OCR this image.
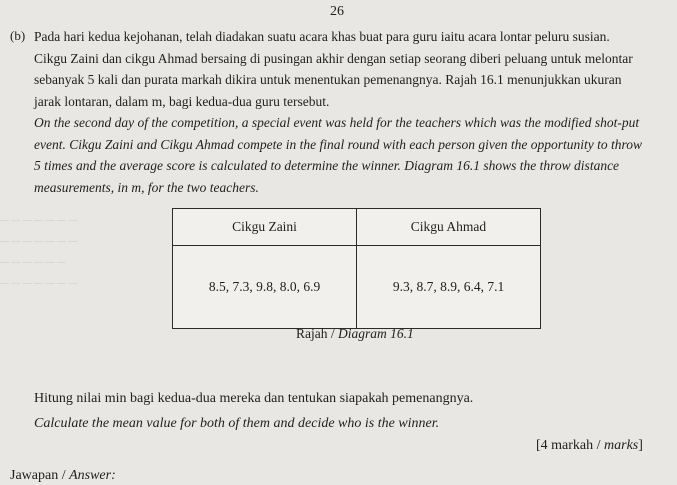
26
(b) Pada hari kedua kejohanan, telah diadakan suatu acara khas buat para guru iaitu acara lontar peluru susian. Cikgu Zaini dan cikgu Ahmad bersaing di pusingan akhir dengan setiap seorang diberi peluang untuk melontar sebanyak 5 kali dan purata markah dikira untuk menentukan pemenangnya. Rajah 16.1 menunjukkan ukuran jarak lontaran, dalam m, bagi kedua-dua guru tersebut.
On the second day of the competition, a special event was held for the teachers which was the modified shot-put event. Cikgu Zaini and Cikgu Ahmad compete in the final round with each person given the opportunity to throw 5 times and the average score is calculated to determine the winner. Diagram 16.1 shows the throw distance measurements, in m, for the two teachers.
— — — — — — —
— — — — — — —
— — — — — —
— — — — — — —
Cikgu Zaini	Cikgu Ahmad
8.5, 7.3, 9.8, 8.0, 6.9	9.3, 8.7, 8.9, 6.4, 7.1
Rajah / Diagram 16.1
Hitung nilai min bagi kedua-dua mereka dan tentukan siapakah pemenangnya.
Calculate the mean value for both of them and decide who is the winner.
[4 markah / marks]
Jawapan / Answer:
